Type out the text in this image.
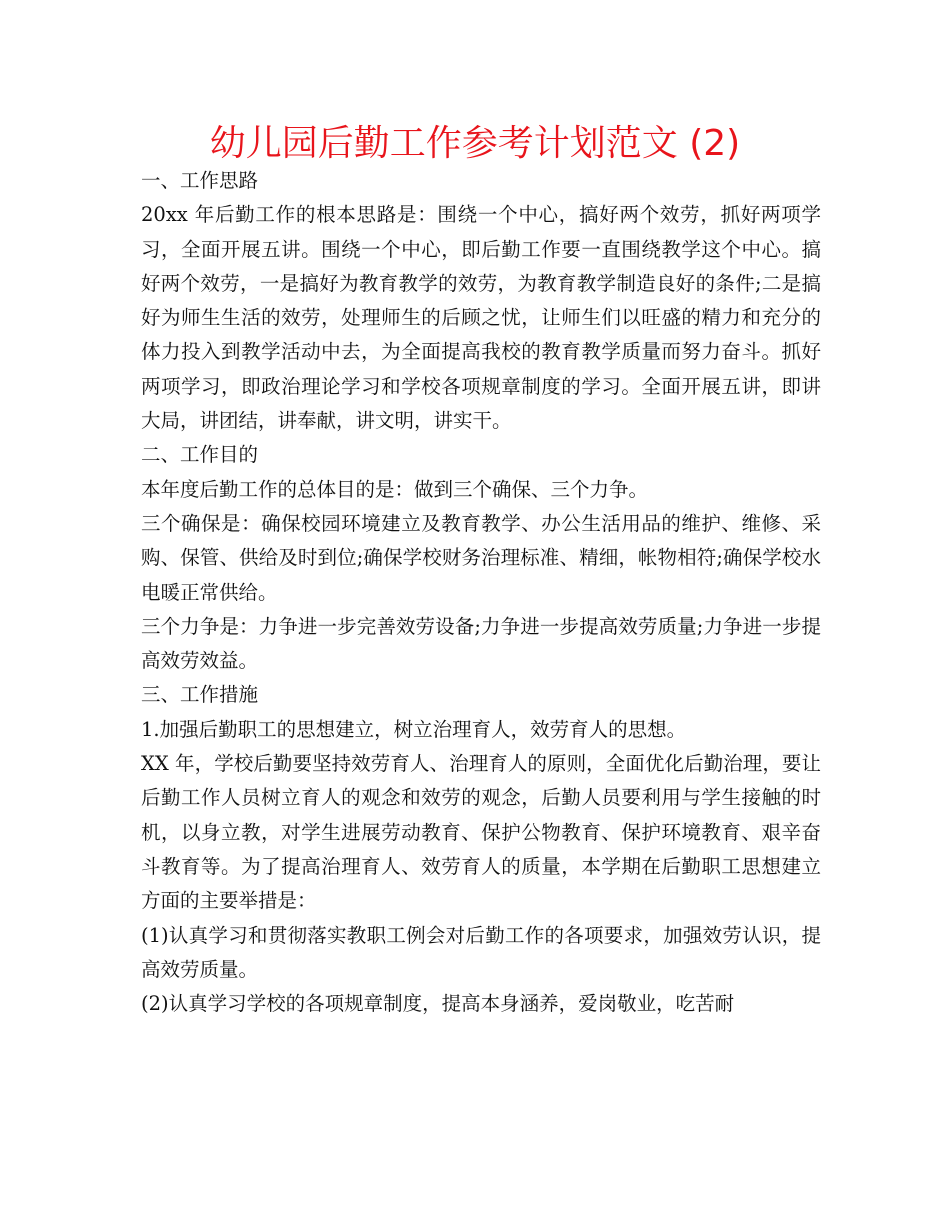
幼儿园后勤工作参考计划范文 (2)

一、工作思路

20xx 年后勤工作的根本思路是：围绕一个中心，搞好两个效劳，抓好两项学习，全面开展五讲。围绕一个中心，即后勤工作要一直围绕教学这个中心。搞好两个效劳，一是搞好为教育教学的效劳，为教育教学制造良好的条件;二是搞好为师生生活的效劳，处理师生的后顾之忧，让师生们以旺盛的精力和充分的体力投入到教学活动中去，为全面提高我校的教育教学质量而努力奋斗。抓好两项学习，即政治理论学习和学校各项规章制度的学习。全面开展五讲，即讲大局，讲团结，讲奉献，讲文明，讲实干。

二、工作目的

本年度后勤工作的总体目的是：做到三个确保、三个力争。

三个确保是：确保校园环境建立及教育教学、办公生活用品的维护、维修、采购、保管、供给及时到位;确保学校财务治理标准、精细，帐物相符;确保学校水电暖正常供给。

三个力争是：力争进一步完善效劳设备;力争进一步提高效劳质量;力争进一步提高效劳效益。

三、工作措施

1.加强后勤职工的思想建立，树立治理育人，效劳育人的思想。

XX 年，学校后勤要坚持效劳育人、治理育人的原则，全面优化后勤治理，要让后勤工作人员树立育人的观念和效劳的观念，后勤人员要利用与学生接触的时机，以身立教，对学生进展劳动教育、保护公物教育、保护环境教育、艰辛奋斗教育等。为了提高治理育人、效劳育人的质量，本学期在后勤职工思想建立方面的主要举措是：

(1)认真学习和贯彻落实教职工例会对后勤工作的各项要求，加强效劳认识，提高效劳质量。

(2)认真学习学校的各项规章制度，提高本身涵养，爱岗敬业，吃苦耐
